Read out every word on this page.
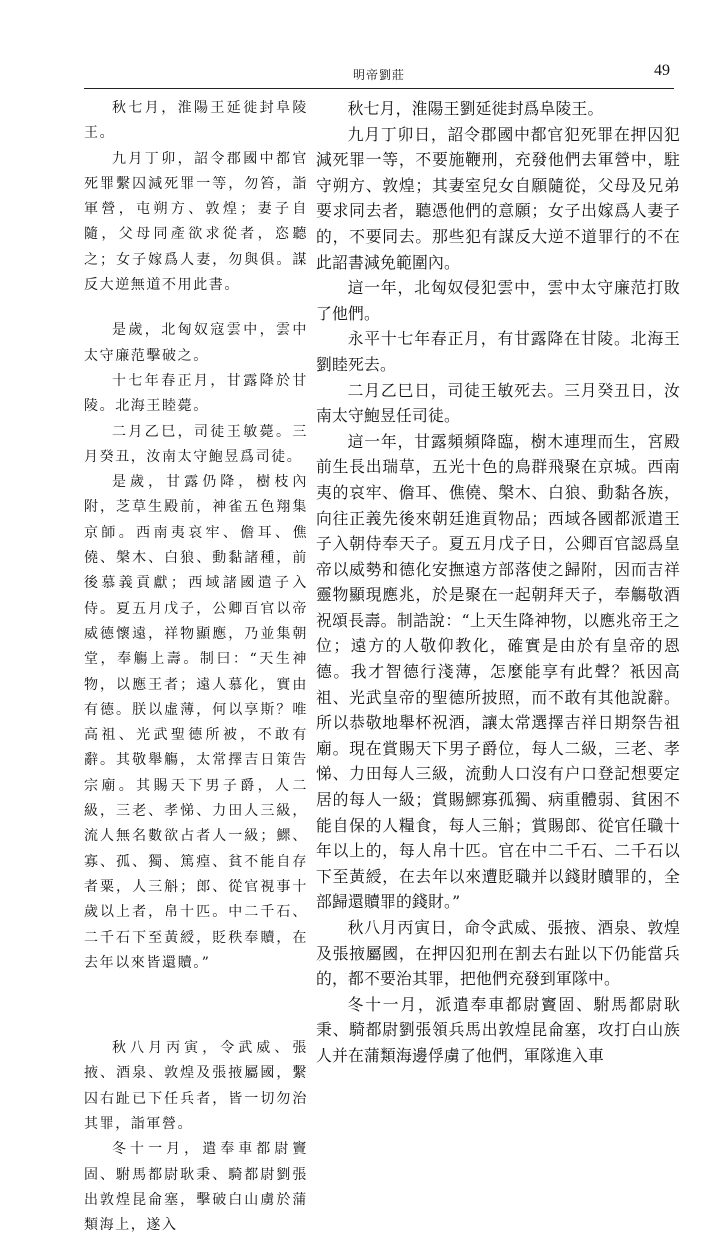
明帝劉莊	49

秋七月，淮陽王延徙封阜陵王。

九月丁卯，詔令郡國中都官死罪繫囚減死罪一等，勿笞，詣軍營，屯朔方、敦煌；妻子自隨，父母同產欲求從者，恣聽之；女子嫁爲人妻，勿與俱。謀反大逆無道不用此書。

是歲，北匈奴寇雲中，雲中太守廉范擊破之。

十七年春正月，甘露降於甘陵。北海王睦薨。

二月乙巳，司徒王敏薨。三月癸丑，汝南太守鮑昱爲司徒。

是歲，甘露仍降，樹枝內附，芝草生殿前，神雀五色翔集京師。西南夷哀牢、儋耳、僬僥、槃木、白狼、動黏諸種，前後慕義貢獻；西域諸國遣子入侍。夏五月戊子，公卿百官以帝威德懷遠，祥物顯應，乃並集朝堂，奉觴上壽。制曰：“天生神物，以應王者；遠人慕化，實由有德。朕以虛薄，何以享斯？唯高祖、光武聖德所被，不敢有辭。其敬舉觴，太常擇吉日策告宗廟。其賜天下男子爵，人二級，三老、孝悌、力田人三級，流人無名數欲占者人一級；鰥、寡、孤、獨、篤㾮、貧不能自存者粟，人三斛；郎、從官視事十歲以上者，帛十匹。中二千石、二千石下至黃綬，貶秩奉贖，在去年以來皆還贖。”

秋八月丙寅，令武威、張掖、酒泉、敦煌及張掖屬國，繫囚右趾已下任兵者，皆一切勿治其罪，詣軍營。

冬十一月，遣奉車都尉竇固、駙馬都尉耿秉、騎都尉劉張出敦煌昆侖塞，擊破白山虜於蒲類海上，遂入

秋七月，淮陽王劉延徙封爲阜陵王。

九月丁卯日，詔令郡國中都官犯死罪在押囚犯減死罪一等，不要施鞭刑，充發他們去軍營中，駐守朔方、敦煌；其妻室兒女自願隨從，父母及兄弟要求同去者，聽憑他們的意願；女子出嫁爲人妻子的，不要同去。那些犯有謀反大逆不道罪行的不在此詔書減免範圍內。

這一年，北匈奴侵犯雲中，雲中太守廉范打敗了他們。

永平十七年春正月，有甘露降在甘陵。北海王劉睦死去。

二月乙巳日，司徒王敏死去。三月癸丑日，汝南太守鮑昱任司徒。

這一年，甘露頻頻降臨，樹木連理而生，宮殿前生長出瑞草，五光十色的鳥群飛聚在京城。西南夷的哀牢、儋耳、僬僥、槃木、白狼、動黏各族，向往正義先後來朝廷進貢物品；西域各國都派遣王子入朝侍奉天子。夏五月戊子日，公卿百官認爲皇帝以威勢和德化安撫遠方部落使之歸附，因而吉祥靈物顯現應兆，於是聚在一起朝拜天子，奉觴敬酒祝頌長壽。制誥說：“上天生降神物，以應兆帝王之位；遠方的人敬仰教化，確實是由於有皇帝的恩德。我才智德行淺薄，怎麼能享有此聲？衹因高祖、光武皇帝的聖德所披照，而不敢有其他說辭。所以恭敬地舉杯祝酒，讓太常選擇吉祥日期祭告祖廟。現在賞賜天下男子爵位，每人二級，三老、孝悌、力田每人三級，流動人口沒有户口登記想要定居的每人一級；賞賜鰥寡孤獨、病重體弱、貧困不能自保的人糧食，每人三斛；賞賜郎、從官任職十年以上的，每人帛十匹。官在中二千石、二千石以下至黃綬，在去年以來遭貶職并以錢財贖罪的，全部歸還贖罪的錢財。”

秋八月丙寅日，命令武威、張掖、酒泉、敦煌及張掖屬國，在押囚犯刑在割去右趾以下仍能當兵的，都不要治其罪，把他們充發到軍隊中。

冬十一月，派遣奉車都尉竇固、駙馬都尉耿秉、騎都尉劉張領兵馬出敦煌昆侖塞，攻打白山族人并在蒲類海邊俘虜了他們，軍隊進入車
